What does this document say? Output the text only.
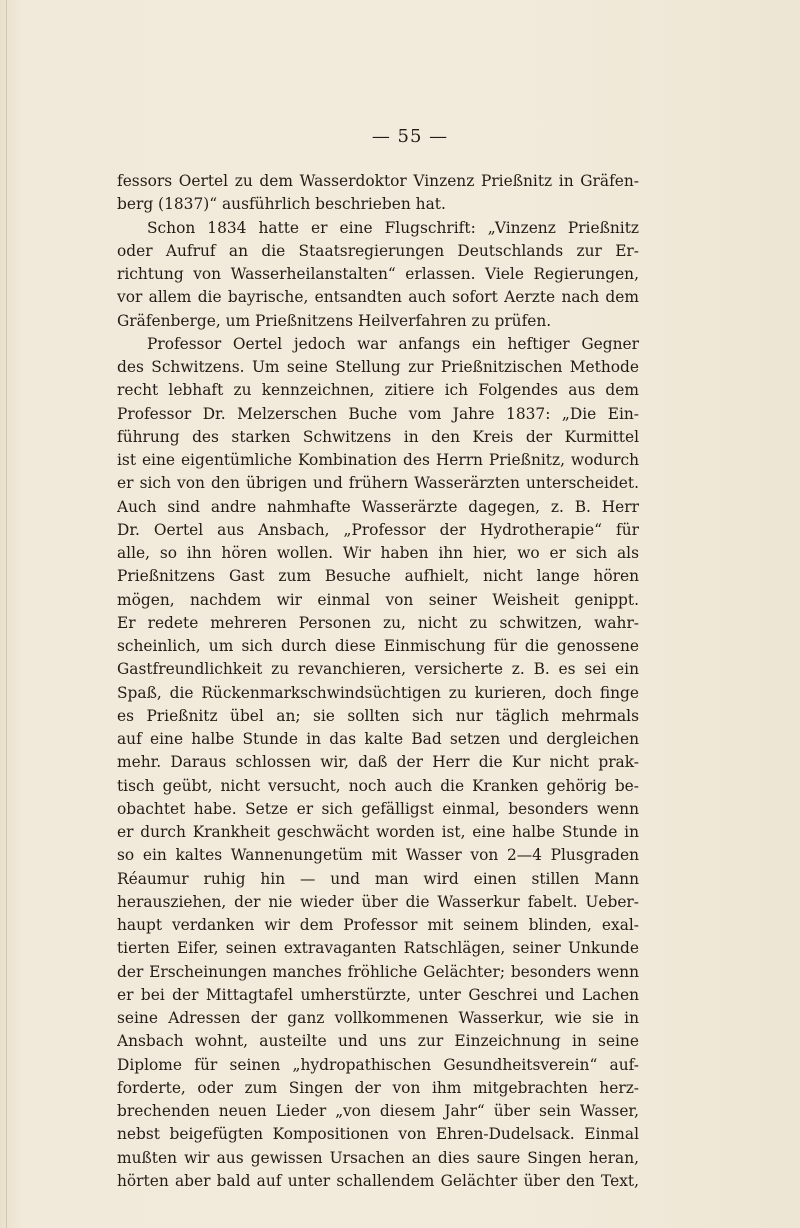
— 55 —
fessors Oertel zu dem Wasserdoktor Vinzenz Prießnitz in Gräfen-
berg (1837)“ ausführlich beschrieben hat.
Schon 1834 hatte er eine Flugschrift: „Vinzenz Prießnitz
oder Aufruf an die Staatsregierungen Deutschlands zur Er-
richtung von Wasserheilanstalten“ erlassen. Viele Regierungen,
vor allem die bayrische, entsandten auch sofort Aerzte nach dem
Gräfenberge, um Prießnitzens Heilverfahren zu prüfen.
Professor Oertel jedoch war anfangs ein heftiger Gegner
des Schwitzens. Um seine Stellung zur Prießnitzischen Methode
recht lebhaft zu kennzeichnen, zitiere ich Folgendes aus dem
Professor Dr. Melzerschen Buche vom Jahre 1837: „Die Ein-
führung des starken Schwitzens in den Kreis der Kurmittel
ist eine eigentümliche Kombination des Herrn Prießnitz, wodurch
er sich von den übrigen und frühern Wasserärzten unterscheidet.
Auch sind andre nahmhafte Wasserärzte dagegen, z. B. Herr
Dr. Oertel aus Ansbach, „Professor der Hydrotherapie“ für
alle, so ihn hören wollen. Wir haben ihn hier, wo er sich als
Prießnitzens Gast zum Besuche aufhielt, nicht lange hören
mögen, nachdem wir einmal von seiner Weisheit genippt.
Er redete mehreren Personen zu, nicht zu schwitzen, wahr-
scheinlich, um sich durch diese Einmischung für die genossene
Gastfreundlichkeit zu revanchieren, versicherte z. B. es sei ein
Spaß, die Rückenmarkschwindsüchtigen zu kurieren, doch finge
es Prießnitz übel an; sie sollten sich nur täglich mehrmals
auf eine halbe Stunde in das kalte Bad setzen und dergleichen
mehr. Daraus schlossen wir, daß der Herr die Kur nicht prak-
tisch geübt, nicht versucht, noch auch die Kranken gehörig be-
obachtet habe. Setze er sich gefälligst einmal, besonders wenn
er durch Krankheit geschwächt worden ist, eine halbe Stunde in
so ein kaltes Wannenungetüm mit Wasser von 2—4 Plusgraden
Réaumur ruhig hin — und man wird einen stillen Mann
herausziehen, der nie wieder über die Wasserkur fabelt. Ueber-
haupt verdanken wir dem Professor mit seinem blinden, exal-
tierten Eifer, seinen extravaganten Ratschlägen, seiner Unkunde
der Erscheinungen manches fröhliche Gelächter; besonders wenn
er bei der Mittagtafel umherstürzte, unter Geschrei und Lachen
seine Adressen der ganz vollkommenen Wasserkur, wie sie in
Ansbach wohnt, austeilte und uns zur Einzeichnung in seine
Diplome für seinen „hydropathischen Gesundheitsverein“ auf-
forderte, oder zum Singen der von ihm mitgebrachten herz-
brechenden neuen Lieder „von diesem Jahr“ über sein Wasser,
nebst beigefügten Kompositionen von Ehren-Dudelsack. Einmal
mußten wir aus gewissen Ursachen an dies saure Singen heran,
hörten aber bald auf unter schallendem Gelächter über den Text,
